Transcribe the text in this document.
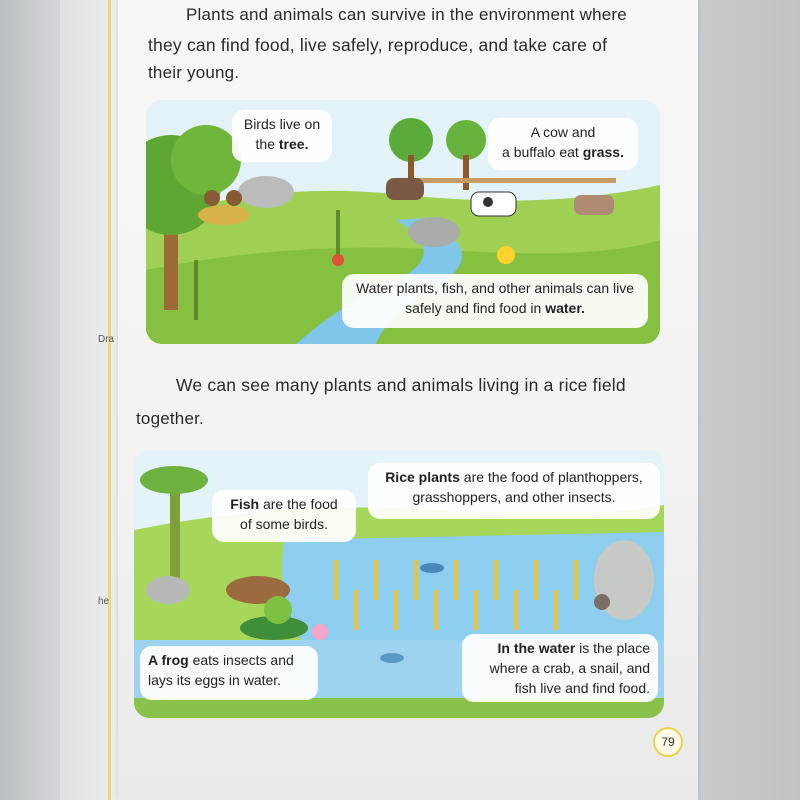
Dra
he
Plants and animals can survive in the environment where
they can find food, live safely, reproduce, and take care of
their young.
Birds live on
the tree.
A cow and
a buffalo eat grass.
Water plants, fish, and other animals can live
safely and find food in water.
We can see many plants and animals living in a rice field
together.
Fish are the food
of some birds.
Rice plants are the food of planthoppers,
grasshoppers, and other insects.
A frog eats insects and
lays its eggs in water.
In the water is the place
where a crab, a snail, and
fish live and find food.
79
